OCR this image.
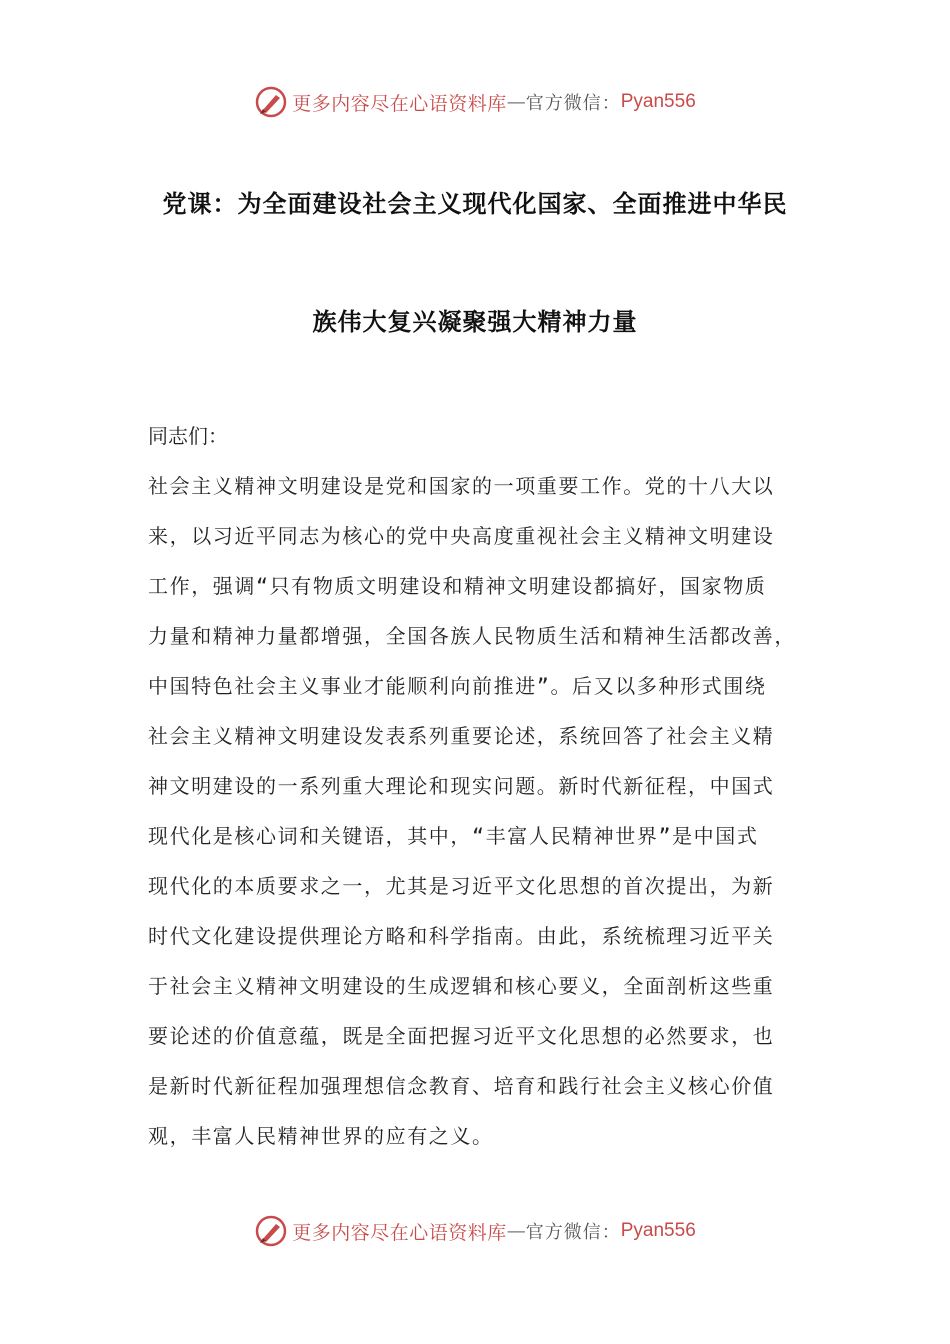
更多内容尽在心语资料库 — 官方微信： Pyan556
党课：为全面建设社会主义现代化国家、全面推进中华民
族伟大复兴凝聚强大精神力量
同志们：
社会主义精神文明建设是党和国家的一项重要工作。党的十八大以
来，以习近平同志为核心的党中央高度重视社会主义精神文明建设
工作，强调“只有物质文明建设和精神文明建设都搞好，国家物质
力量和精神力量都增强，全国各族人民物质生活和精神生活都改善，
中国特色社会主义事业才能顺利向前推进”。后又以多种形式围绕
社会主义精神文明建设发表系列重要论述，系统回答了社会主义精
神文明建设的一系列重大理论和现实问题。新时代新征程，中国式
现代化是核心词和关键语，其中，“丰富人民精神世界”是中国式
现代化的本质要求之一，尤其是习近平文化思想的首次提出，为新
时代文化建设提供理论方略和科学指南。由此，系统梳理习近平关
于社会主义精神文明建设的生成逻辑和核心要义，全面剖析这些重
要论述的价值意蕴，既是全面把握习近平文化思想的必然要求，也
是新时代新征程加强理想信念教育、培育和践行社会主义核心价值
观，丰富人民精神世界的应有之义。
更多内容尽在心语资料库 — 官方微信： Pyan556
